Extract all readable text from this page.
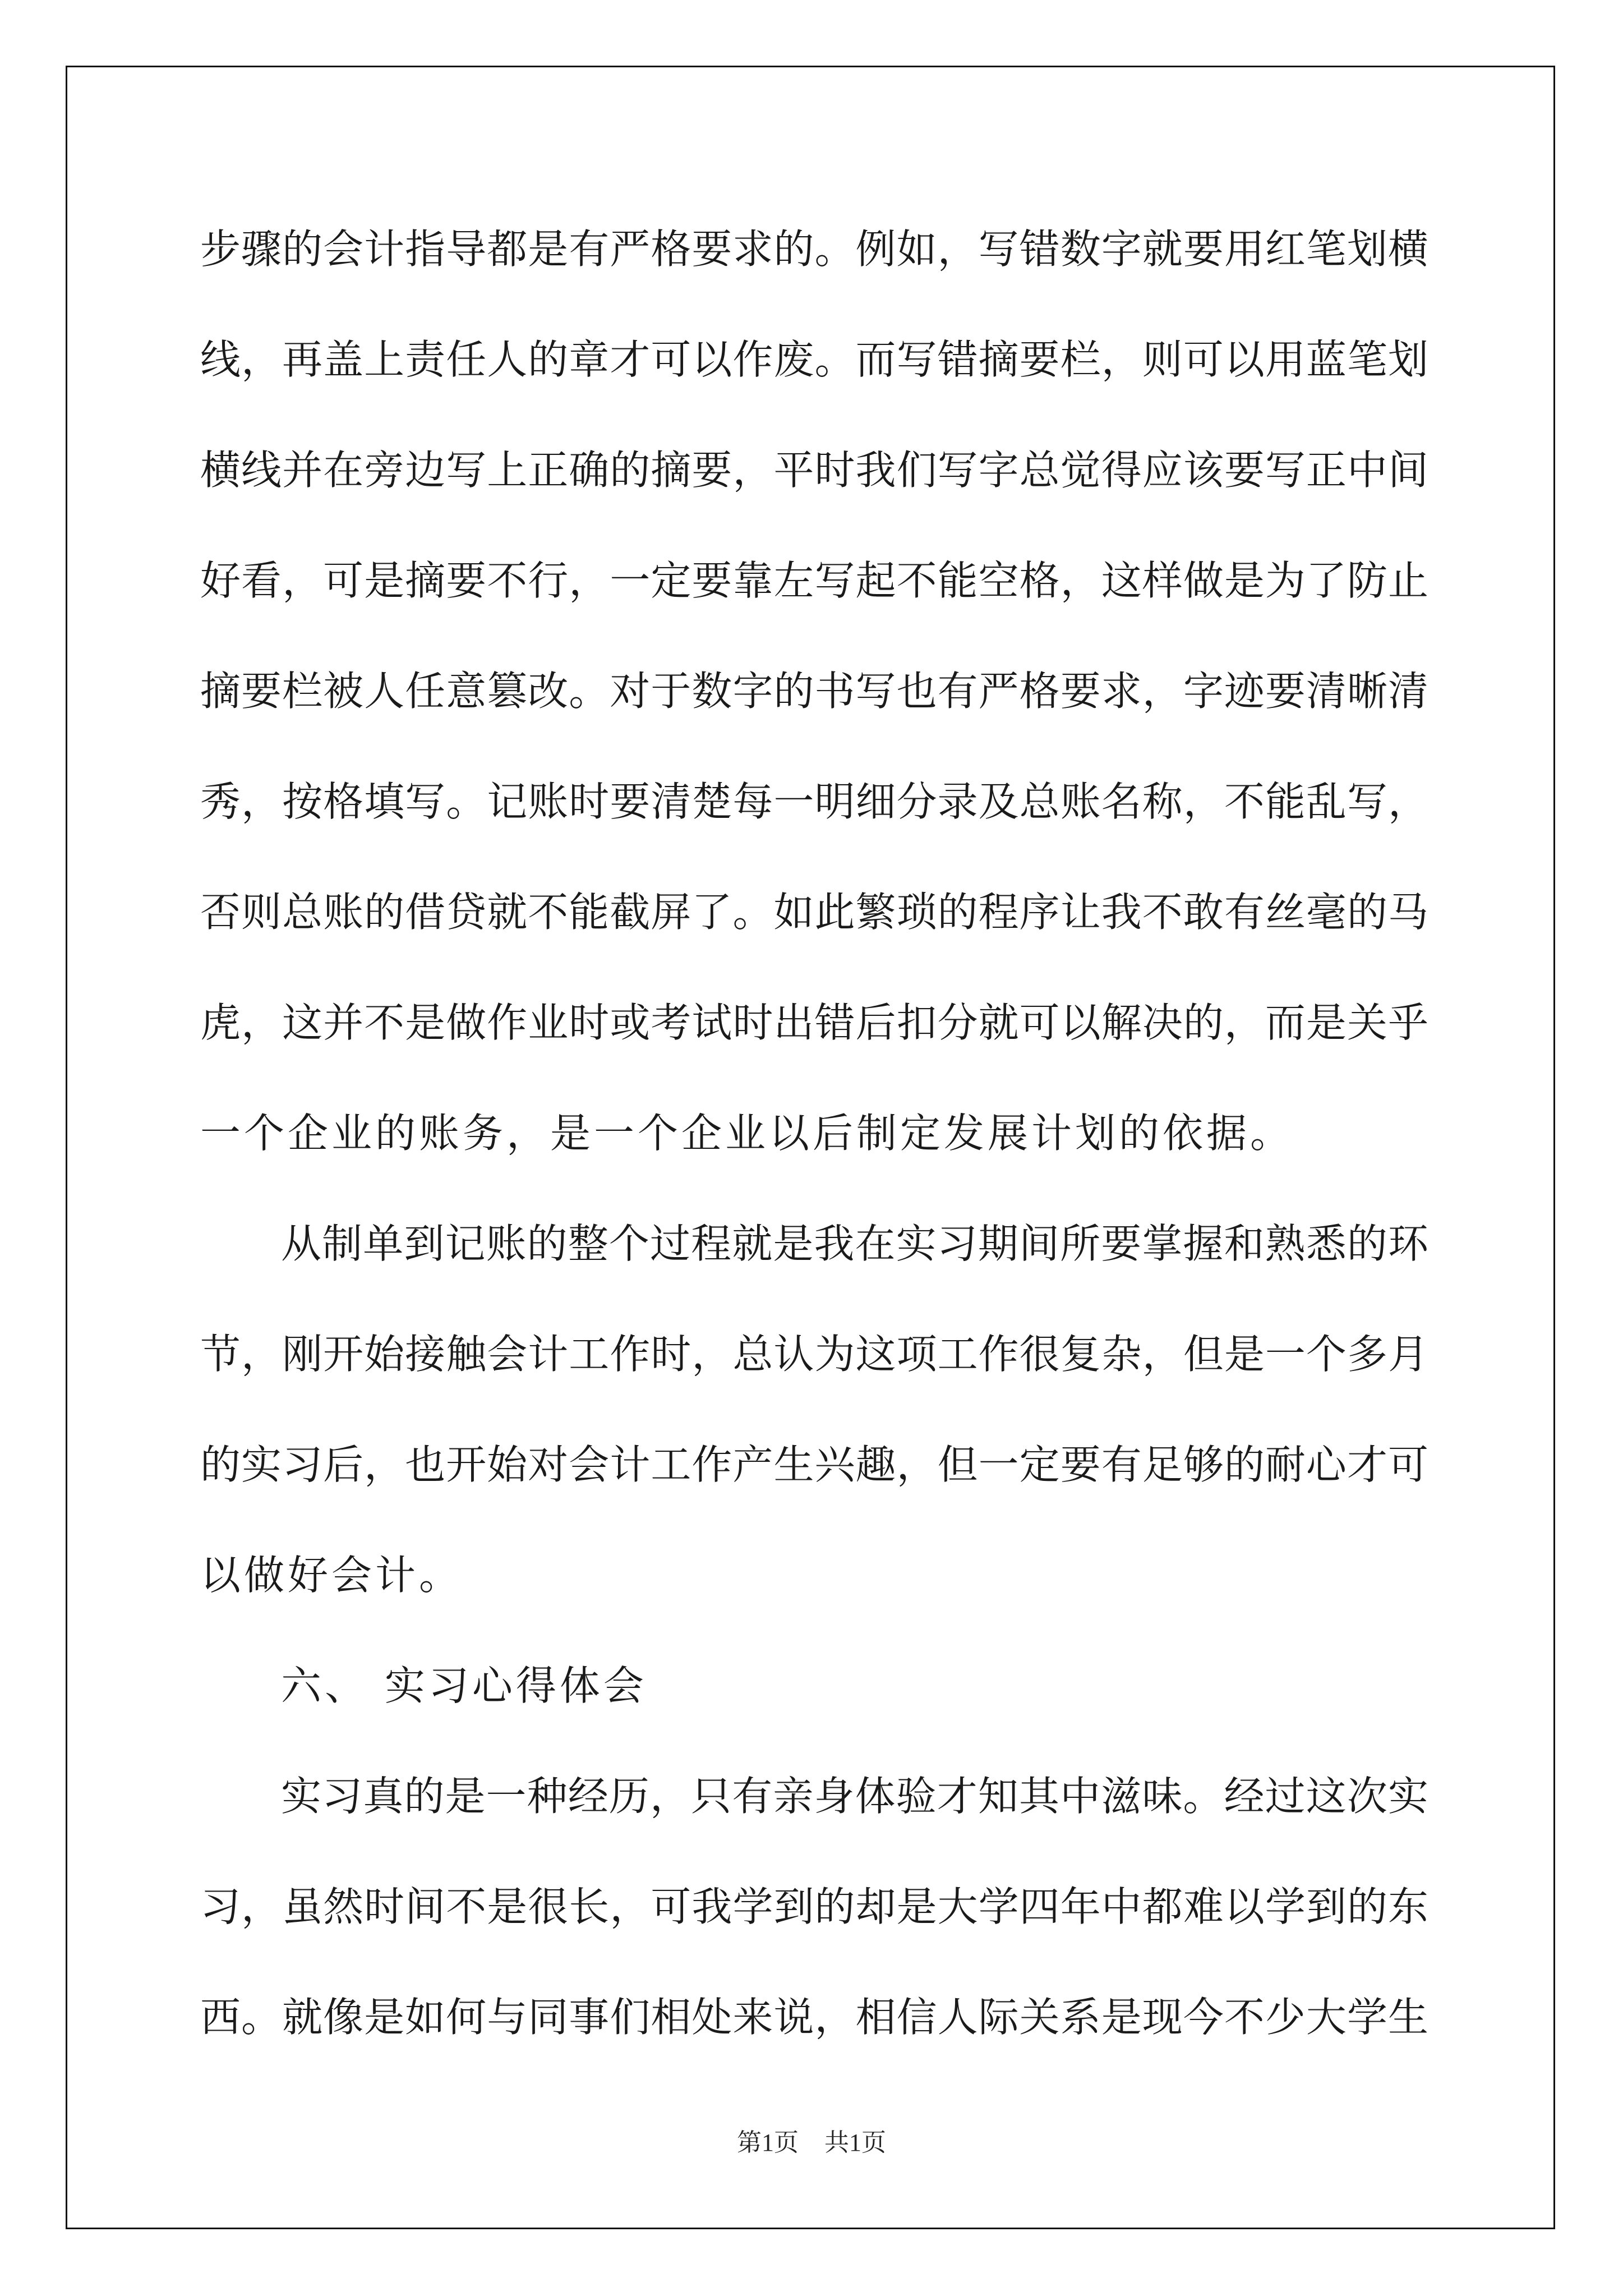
步骤的会计指导都是有严格要求的。例如，写错数字就要用红笔划横
线，再盖上责任人的章才可以作废。而写错摘要栏，则可以用蓝笔划
横线并在旁边写上正确的摘要，平时我们写字总觉得应该要写正中间
好看，可是摘要不行，一定要靠左写起不能空格，这样做是为了防止
摘要栏被人任意篡改。对于数字的书写也有严格要求，字迹要清晰清
秀，按格填写。记账时要清楚每一明细分录及总账名称，不能乱写，
否则总账的借贷就不能截屏了。如此繁琐的程序让我不敢有丝毫的马
虎，这并不是做作业时或考试时出错后扣分就可以解决的，而是关乎
一个企业的账务，是一个企业以后制定发展计划的依据。
从制单到记账的整个过程就是我在实习期间所要掌握和熟悉的环
节，刚开始接触会计工作时，总认为这项工作很复杂，但是一个多月
的实习后，也开始对会计工作产生兴趣，但一定要有足够的耐心才可
以做好会计。
六、 实习心得体会
实习真的是一种经历，只有亲身体验才知其中滋味。经过这次实
习，虽然时间不是很长，可我学到的却是大学四年中都难以学到的东
西。就像是如何与同事们相处来说，相信人际关系是现今不少大学生
第1页 共1页
